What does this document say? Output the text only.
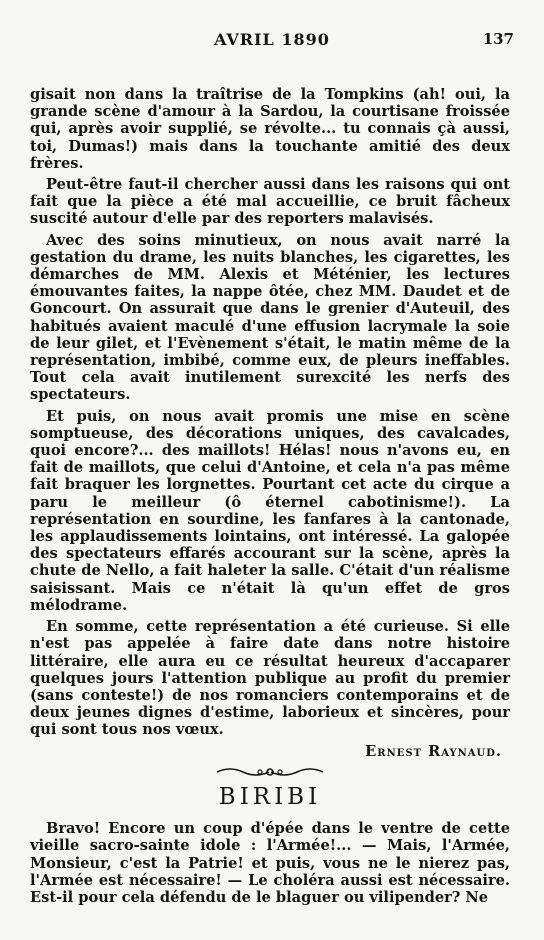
AVRIL 1890	137

gisait non dans la traîtrise de la Tompkins (ah! oui, la grande scène d'amour à la Sardou, la courtisane froissée qui, après avoir supplié, se révolte... tu connais çà aussi, toi, Dumas!) mais dans la touchante amitié des deux frères.

Peut-être faut-il chercher aussi dans les raisons qui ont fait que la pièce a été mal accueillie, ce bruit fâcheux suscité autour d'elle par des reporters malavisés.

Avec des soins minutieux, on nous avait narré la gestation du drame, les nuits blanches, les cigarettes, les démarches de MM. Alexis et Méténier, les lectures émouvantes faites, la nappe ôtée, chez MM. Daudet et de Goncourt. On assurait que dans le grenier d'Auteuil, des habitués avaient maculé d'une effusion lacrymale la soie de leur gilet, et l'Evènement s'était, le matin même de la représentation, imbibé, comme eux, de pleurs ineffables. Tout cela avait inutilement surexcité les nerfs des spectateurs.

Et puis, on nous avait promis une mise en scène somptueuse, des décorations uniques, des cavalcades, quoi encore?... des maillots! Hélas! nous n'avons eu, en fait de maillots, que celui d'Antoine, et cela n'a pas même fait braquer les lorgnettes. Pourtant cet acte du cirque a paru le meilleur (ô éternel cabotinisme!). La représentation en sourdine, les fanfares à la cantonade, les applaudissements lointains, ont intéressé. La galopée des spectateurs effarés accourant sur la scène, après la chute de Nello, a fait haleter la salle. C'était d'un réalisme saisissant. Mais ce n'était là qu'un effet de gros mélodrame.

En somme, cette représentation a été curieuse. Si elle n'est pas appelée à faire date dans notre histoire littéraire, elle aura eu ce résultat heureux d'accaparer quelques jours l'attention publique au profit du premier (sans conteste!) de nos romanciers contemporains et de deux jeunes dignes d'estime, laborieux et sincères, pour qui sont tous nos vœux.

Ernest Raynaud.
BIRIBI

Bravo! Encore un coup d'épée dans le ventre de cette vieille sacro-sainte idole : l'Armée!... — Mais, l'Armée, Monsieur, c'est la Patrie! et puis, vous ne le nierez pas, l'Armée est nécessaire! — Le choléra aussi est nécessaire. Est-il pour cela défendu de le blaguer ou vilipender? Ne
